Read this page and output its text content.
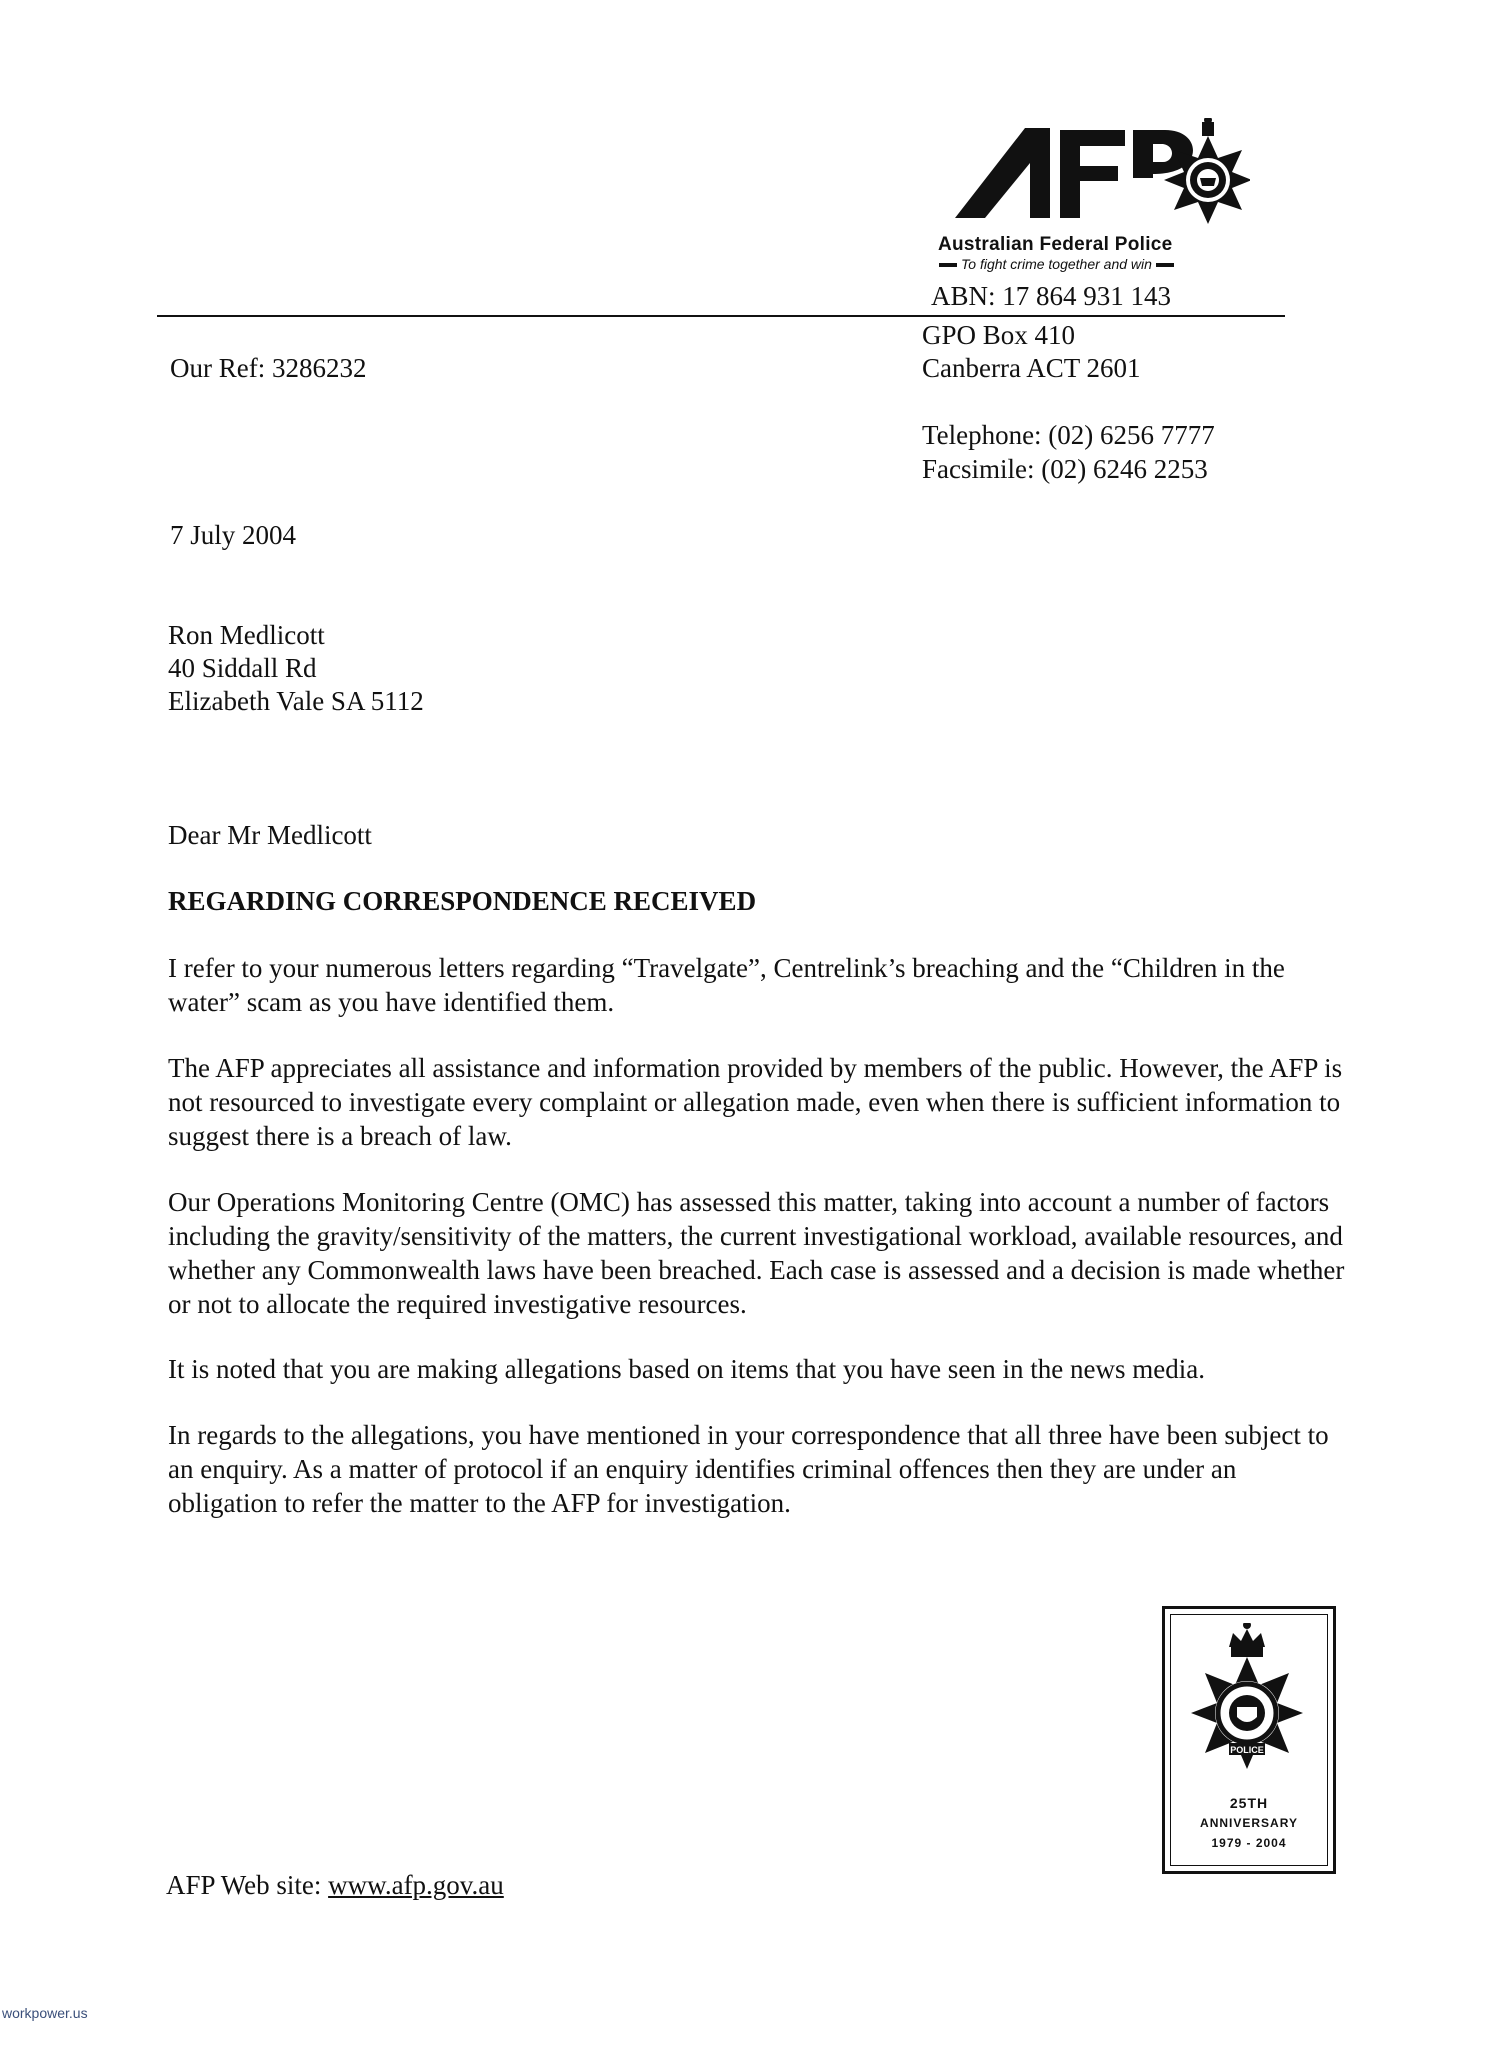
Australian Federal Police
To fight crime together and win
ABN: 17 864 931 143
GPO Box 410
Canberra ACT 2601
Telephone: (02) 6256 7777
Facsimile: (02) 6246 2253
Our Ref: 3286232
7 July 2004
Ron Medlicott
40 Siddall Rd
Elizabeth Vale SA 5112
Dear Mr Medlicott
REGARDING CORRESPONDENCE RECEIVED
I refer to your numerous letters regarding “Travelgate”, Centrelink’s breaching and the “Children in the water” scam as you have identified them.
The AFP appreciates all assistance and information provided by members of the public. However, the AFP is not resourced to investigate every complaint or allegation made, even when there is sufficient information to suggest there is a breach of law.
Our Operations Monitoring Centre (OMC) has assessed this matter, taking into account a number of factors including the gravity/sensitivity of the matters, the current investigational workload, available resources, and whether any Commonwealth laws have been breached. Each case is assessed and a decision is made whether or not to allocate the required investigative resources.
It is noted that you are making allegations based on items that you have seen in the news media.
In regards to the allegations, you have mentioned in your correspondence that all three have been subject to an enquiry. As a matter of protocol if an enquiry identifies criminal offences then they are under an obligation to refer the matter to the AFP for investigation.
POLICE
25TH
ANNIVERSARY
1979 - 2004
AFP Web site: www.afp.gov.au
workpower.us
